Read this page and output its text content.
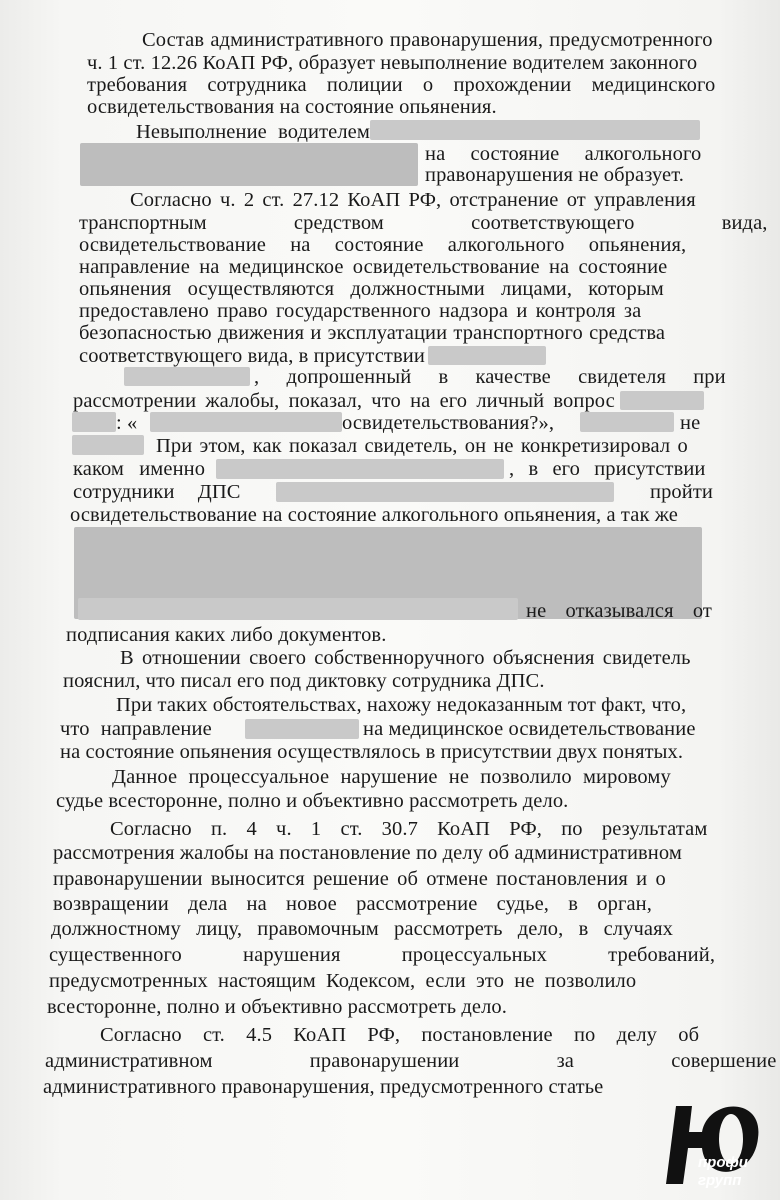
Состав административного правонарушения, предусмотренного
ч. 1 ст. 12.26 КоАП РФ, образует невыполнение водителем законного
требования сотрудника полиции о прохождении медицинского
освидетельствования на состояние опьянения.
Невыполнение водителем
на состояние алкогольного
правонарушения не образует.
Согласно ч. 2 ст. 27.12 КоАП РФ, отстранение от управления
транспортным средством соответствующего вида,
освидетельствование на состояние алкогольного опьянения,
направление на медицинское освидетельствование на состояние
опьянения осуществляются должностными лицами, которым
предоставлено право государственного надзора и контроля за
безопасностью движения и эксплуатации транспортного средства
соответствующего вида, в присутствии
, допрошенный в качестве свидетеля при
рассмотрении жалобы, показал, что на его личный вопрос
: «	освидетельствования?»,	не
При этом, как показал свидетель, он не конкретизировал о
каком именно	, в его присутствии
сотрудники ДПС	пройти
освидетельствование на состояние алкогольного опьянения, а так же
не отказывался от
подписания каких либо документов.
В отношении своего собственноручного объяснения свидетель
пояснил, что писал его под диктовку сотрудника ДПС.
При таких обстоятельствах, нахожу недоказанным тот факт, что,
что направление	на медицинское освидетельствование
на состояние опьянения осуществлялось в присутствии двух понятых.
Данное процессуальное нарушение не позволило мировому
судье всесторонне, полно и объективно рассмотреть дело.
Согласно п. 4 ч. 1 ст. 30.7 КоАП РФ, по результатам
рассмотрения жалобы на постановление по делу об административном
правонарушении выносится решение об отмене постановления и о
возвращении дела на новое рассмотрение судье, в орган,
должностному лицу, правомочным рассмотреть дело, в случаях
существенного нарушения процессуальных требований,
предусмотренных настоящим Кодексом, если это не позволило
всесторонне, полно и объективно рассмотреть дело.
Согласно ст. 4.5 КоАП РФ, постановление по делу об
административном правонарушении за совершение
административного правонарушения, предусмотренного статье
профи
групп
